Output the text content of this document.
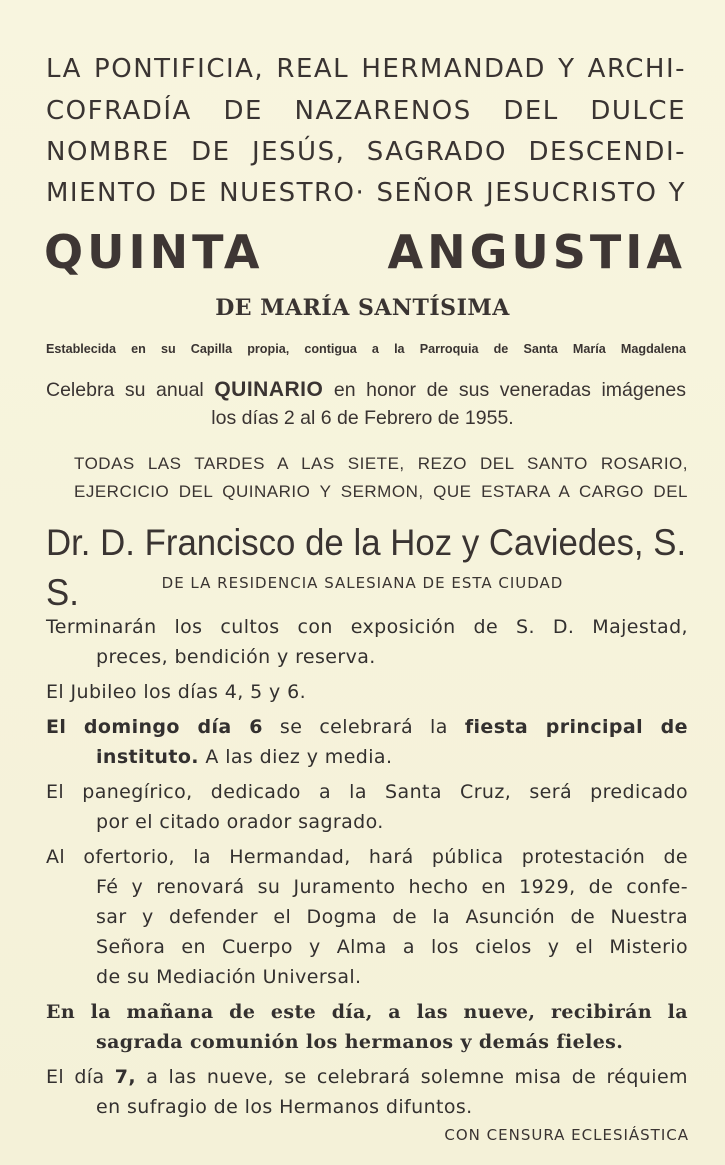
LA PONTIFICIA, REAL HERMANDAD Y ARCHI-
COFRADÍA DE NAZARENOS DEL DULCE
NOMBRE DE JESÚS, SAGRADO DESCENDI-
MIENTO DE NUESTRO· SEÑOR JESUCRISTO Y
QUINTA ANGUSTIA
DE MARÍA SANTÍSIMA
Establecida en su Capilla propia, contigua a la Parroquia de Santa María Magdalena
Celebra su anual QUINARIO en honor de sus veneradas imágenes
los días 2 al 6 de Febrero de 1955.
TODAS LAS TARDES A LAS SIETE, REZO DEL SANTO ROSARIO,
EJERCICIO DEL QUINARIO Y SERMON, QUE ESTARA A CARGO DEL
Dr. D. Francisco de la Hoz y Caviedes, S. S.	DE LA RESIDENCIA SALESIANA DE ESTA CIUDAD
Terminarán los cultos con exposición de S. D. Majestad,
preces, bendición y reserva.
El Jubileo los días 4, 5 y 6.
El domingo día 6 se celebrará la fiesta principal de
instituto. A las diez y media.
El panegírico, dedicado a la Santa Cruz, será predicado
por el citado orador sagrado.
Al ofertorio, la Hermandad, hará pública protestación de
Fé y renovará su Juramento hecho en 1929, de confe-
sar y defender el Dogma de la Asunción de Nuestra
Señora en Cuerpo y Alma a los cielos y el Misterio
de su Mediación Universal.
En la mañana de este día, a las nueve, recibirán la
sagrada comunión los hermanos y demás fieles.
El día 7, a las nueve, se celebrará solemne misa de réquiem
en sufragio de los Hermanos difuntos.
CON CENSURA ECLESIÁSTICA
